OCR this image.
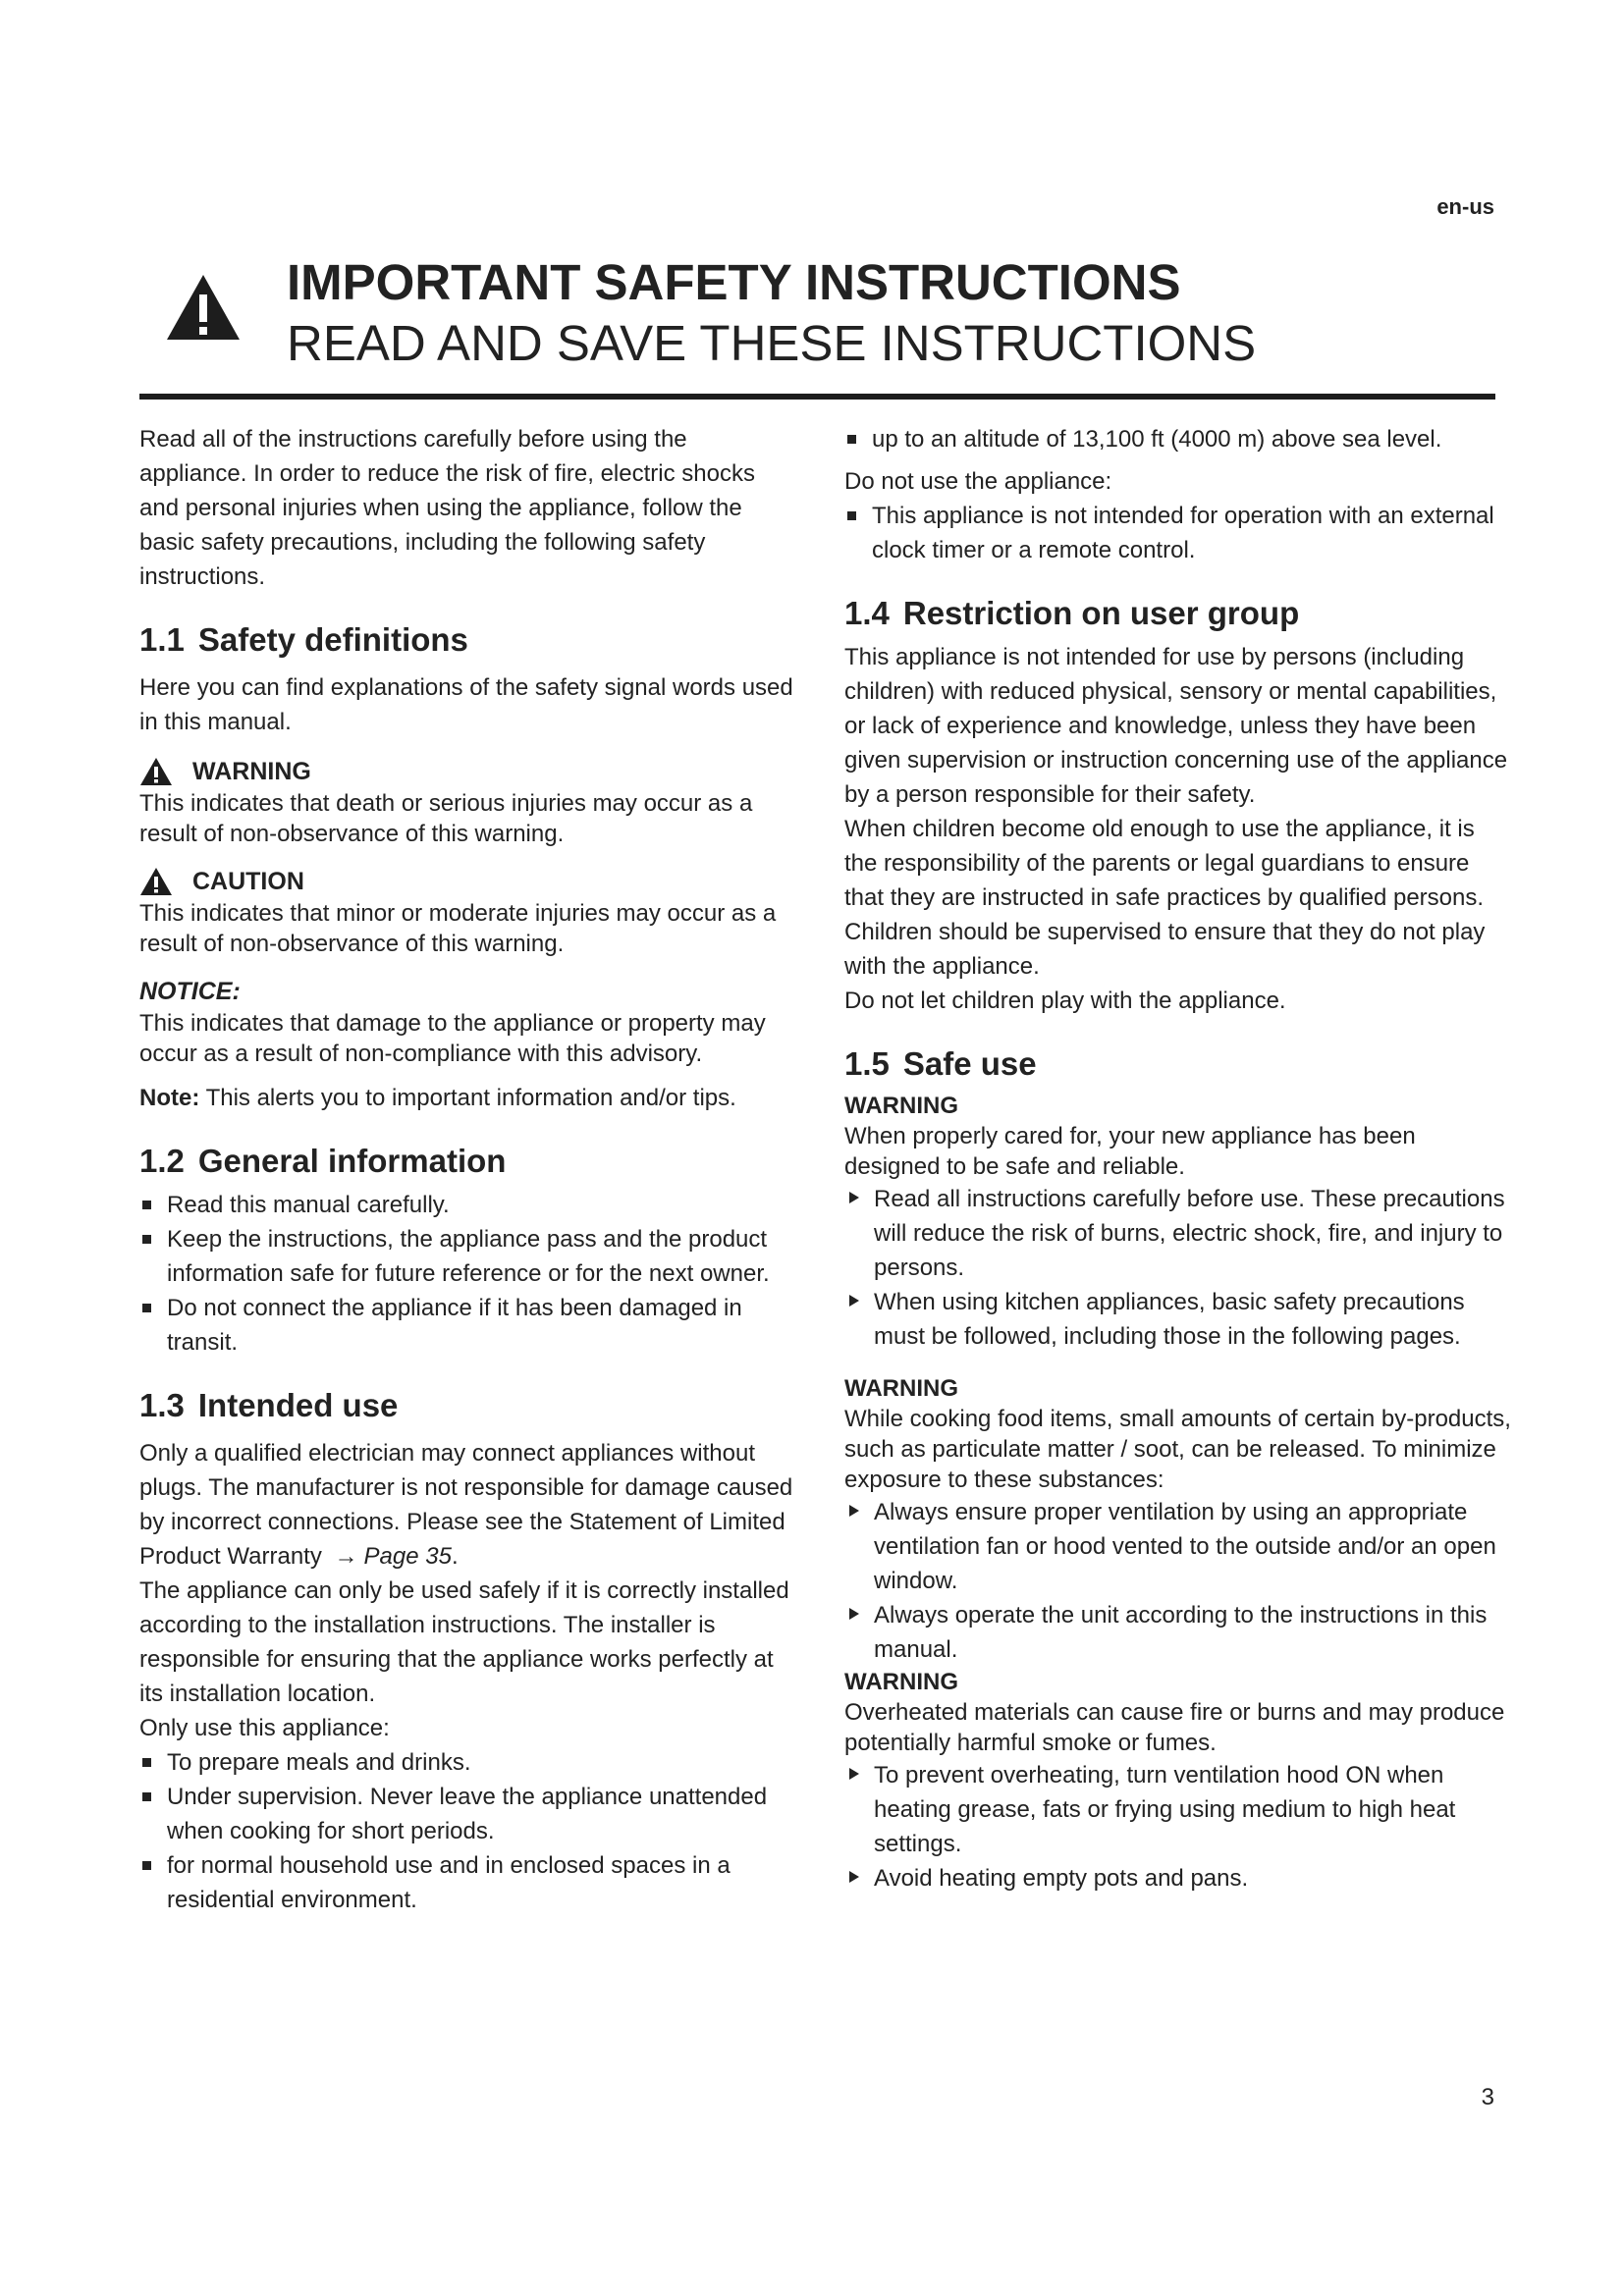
en-us
IMPORTANT SAFETY INSTRUCTIONS
READ AND SAVE THESE INSTRUCTIONS

Read all of the instructions carefully before using the appliance. In order to reduce the risk of fire, electric shocks and personal injuries when using the appliance, follow the basic safety precautions, including the following safety instructions.

1.1 Safety definitions

Here you can find explanations of the safety signal words used in this manual.

WARNING

This indicates that death or serious injuries may occur as a result of non-observance of this warning.

CAUTION

This indicates that minor or moderate injuries may occur as a result of non-observance of this warning.

NOTICE:

This indicates that damage to the appliance or property may occur as a result of non-compliance with this advisory.

Note: This alerts you to important information and/or tips.

1.2 General information
Read this manual carefully.
Keep the instructions, the appliance pass and the product information safe for future reference or for the next owner.
Do not connect the appliance if it has been damaged in transit.
1.3 Intended use

Only a qualified electrician may connect appliances without plugs. The manufacturer is not responsible for damage caused by incorrect connections. Please see the Statement of Limited Product Warranty → Page 35.

The appliance can only be used safely if it is correctly installed according to the installation instructions. The installer is responsible for ensuring that the appliance works perfectly at its installation location.

Only use this appliance:

To prepare meals and drinks.
Under supervision. Never leave the appliance unattended when cooking for short periods.
for normal household use and in enclosed spaces in a residential environment.
up to an altitude of 13,100 ft (4000 m) above sea level.

Do not use the appliance:

This appliance is not intended for operation with an external clock timer or a remote control.
1.4 Restriction on user group

This appliance is not intended for use by persons (including children) with reduced physical, sensory or mental capabilities, or lack of experience and knowledge, unless they have been given supervision or instruction concerning use of the appliance by a person responsible for their safety.

When children become old enough to use the appliance, it is the responsibility of the parents or legal guardians to ensure that they are instructed in safe practices by qualified persons.

Children should be supervised to ensure that they do not play with the appliance.

Do not let children play with the appliance.

1.5 Safe use
WARNING

When properly cared for, your new appliance has been designed to be safe and reliable.

Read all instructions carefully before use. These precautions will reduce the risk of burns, electric shock, fire, and injury to persons.
When using kitchen appliances, basic safety precautions must be followed, including those in the following pages.
WARNING

While cooking food items, small amounts of certain by-products, such as particulate matter / soot, can be released. To minimize exposure to these substances:

Always ensure proper ventilation by using an appropriate ventilation fan or hood vented to the outside and/or an open window.
Always operate the unit according to the instructions in this manual.
WARNING

Overheated materials can cause fire or burns and may produce potentially harmful smoke or fumes.

To prevent overheating, turn ventilation hood ON when heating grease, fats or frying using medium to high heat settings.
Avoid heating empty pots and pans.
3
